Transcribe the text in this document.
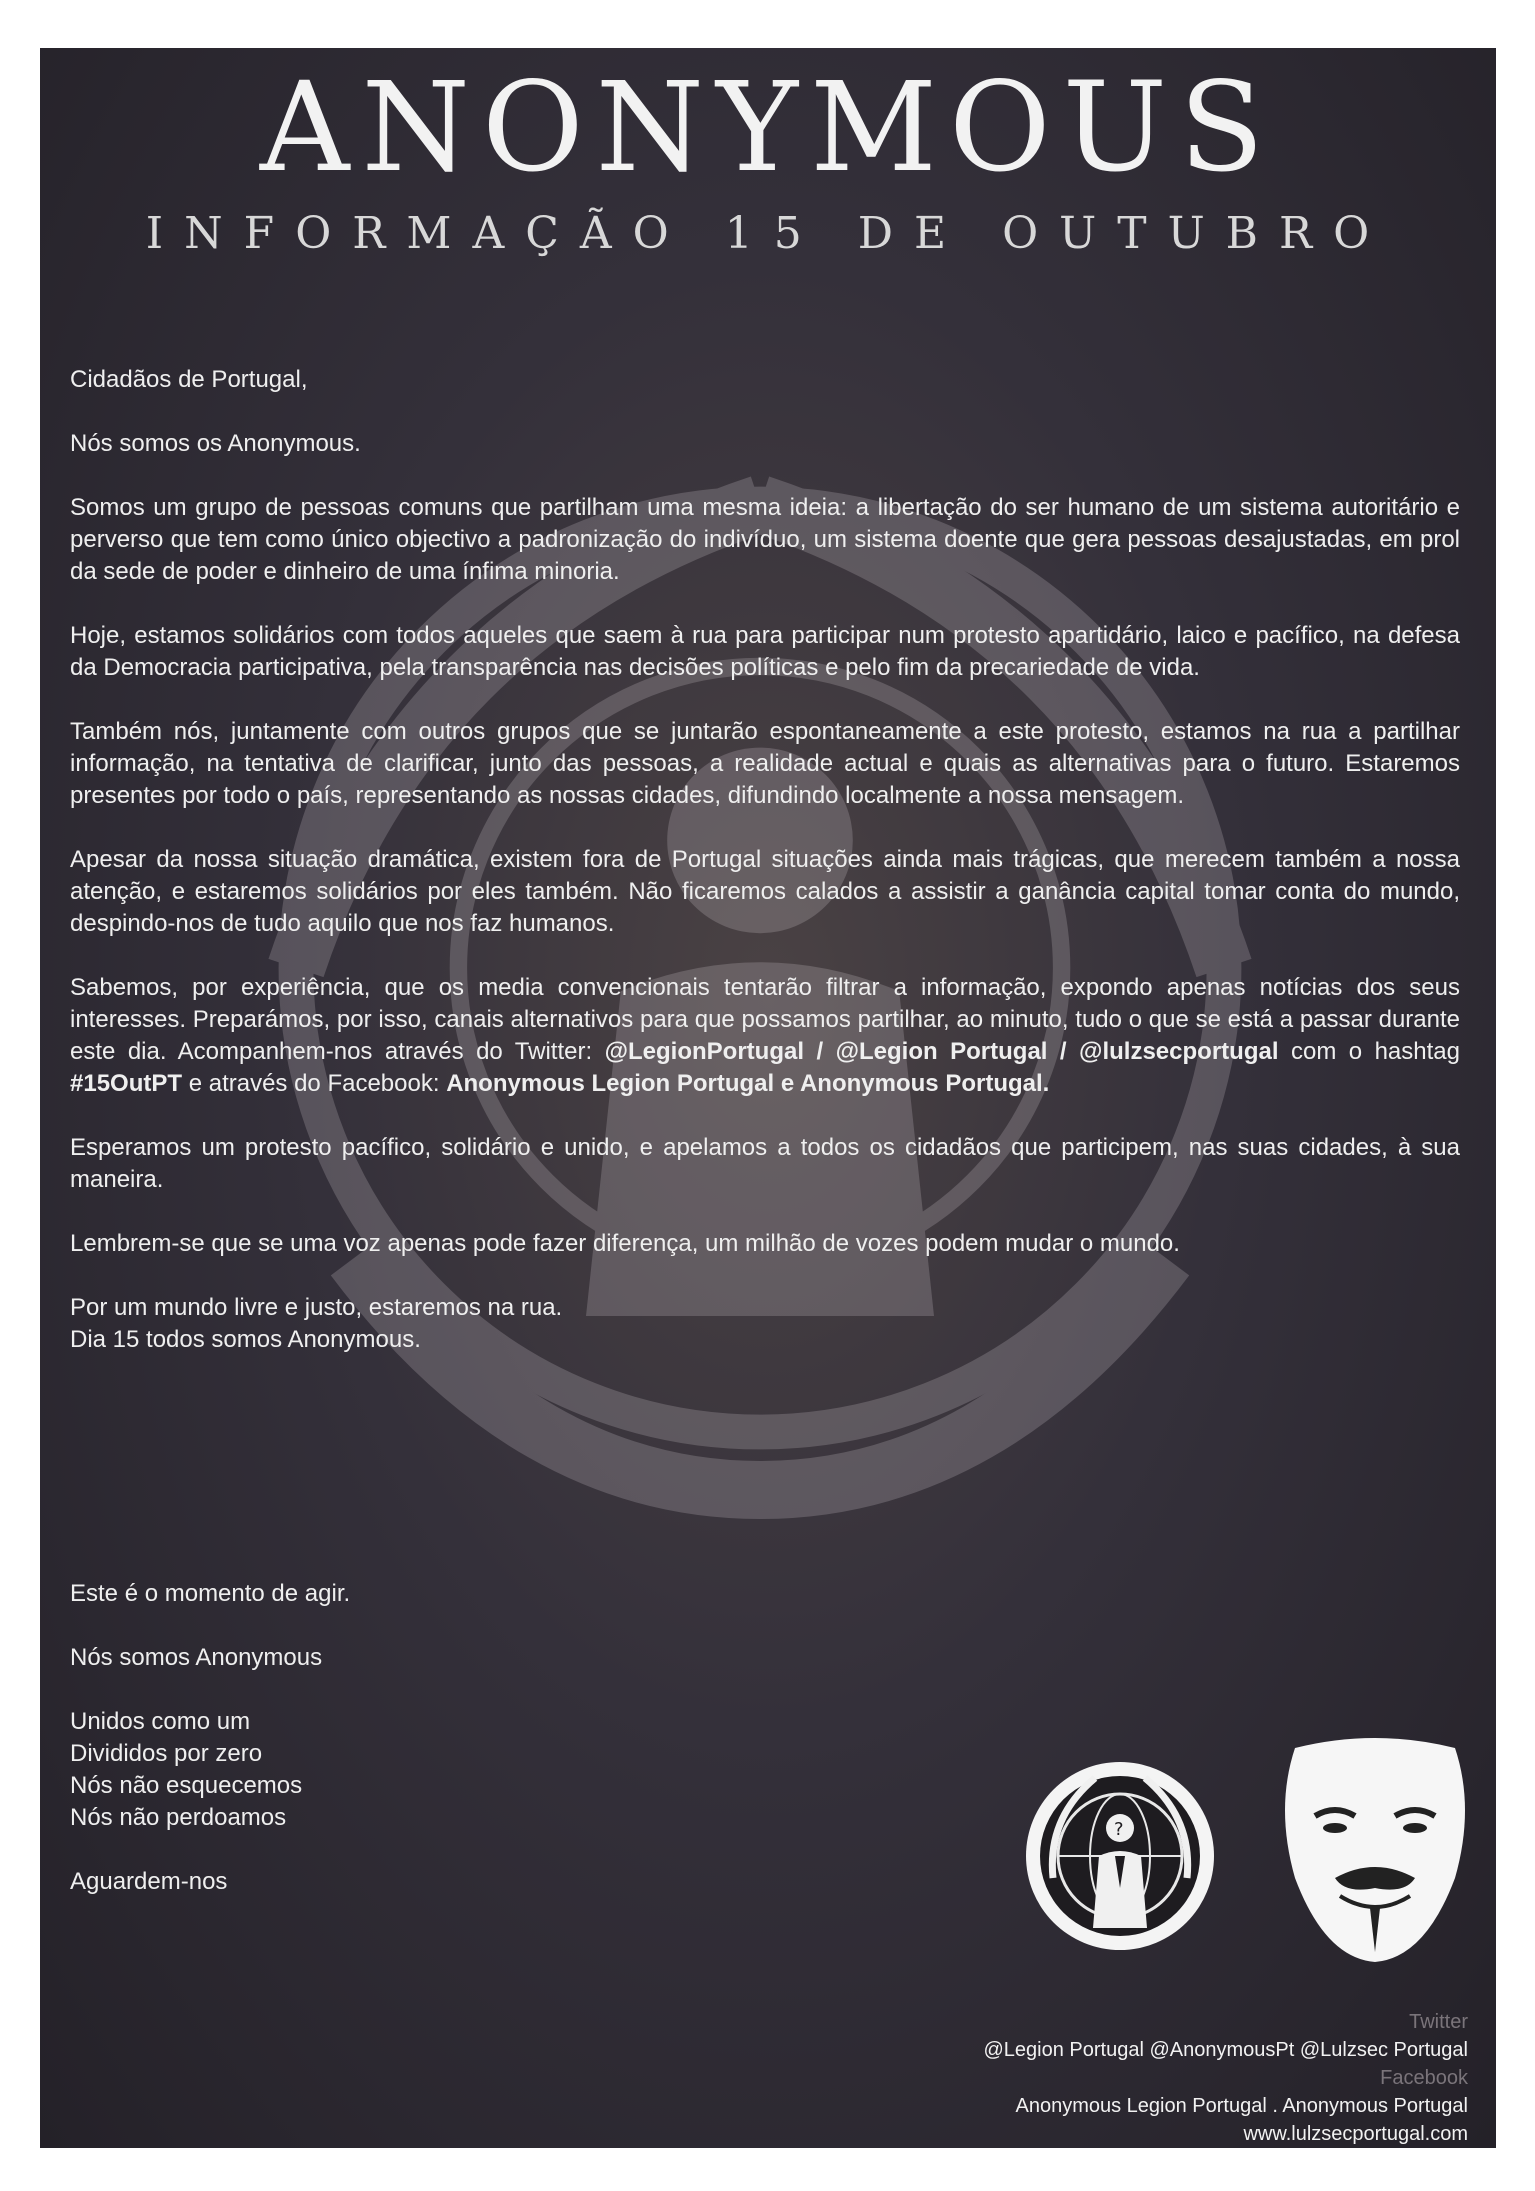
ANONYMOUS
INFORMAÇÃO 15 DE OUTUBRO

Cidadãos de Portugal,

Nós somos os Anonymous.

Somos um grupo de pessoas comuns que partilham uma mesma ideia: a libertação do ser humano de um sistema autoritário e perverso que tem como único objectivo a padronização do indivíduo, um sistema doente que gera pessoas desajustadas, em prol da sede de poder e dinheiro de uma ínfima minoria.

Hoje, estamos solidários com todos aqueles que saem à rua para participar num protesto apartidário, laico e pacífico, na defesa da Democracia participativa, pela transparência nas decisões políticas e pelo fim da precariedade de vida.

Também nós, juntamente com outros grupos que se juntarão espontaneamente a este protesto, estamos na rua a partilhar informação, na tentativa de clarificar, junto das pessoas, a realidade actual e quais as alternativas para o futuro. Estaremos presentes por todo o país, representando as nossas cidades, difundindo localmente a nossa mensagem.

Apesar da nossa situação dramática, existem fora de Portugal situações ainda mais trágicas, que merecem também a nossa atenção, e estaremos solidários por eles também. Não ficaremos calados a assistir a ganância capital tomar conta do mundo, despindo-nos de tudo aquilo que nos faz humanos.

Sabemos, por experiência, que os media convencionais tentarão filtrar a informação, expondo apenas notícias dos seus interesses. Preparámos, por isso, canais alternativos para que possamos partilhar, ao minuto, tudo o que se está a passar durante este dia. Acompanhem-nos através do Twitter: @LegionPortugal / @Legion Portugal / @lulzsecportugal com o hashtag #15OutPT e através do Facebook: Anonymous Legion Portugal e Anonymous Portugal.

Esperamos um protesto pacífico, solidário e unido, e apelamos a todos os cidadãos que participem, nas suas cidades, à sua maneira.

Lembrem-se que se uma voz apenas pode fazer diferença, um milhão de vozes podem mudar o mundo.

Por um mundo livre e justo, estaremos na rua.

Dia 15 todos somos Anonymous.

Este é o momento de agir.

Nós somos Anonymous

Unidos como um
Divididos por zero
Nós não esquecemos
Nós não perdoamos

Aguardem-nos

?
Twitter
@Legion Portugal @AnonymousPt @Lulzsec Portugal
Facebook
Anonymous Legion Portugal . Anonymous Portugal
www.lulzsecportugal.com
